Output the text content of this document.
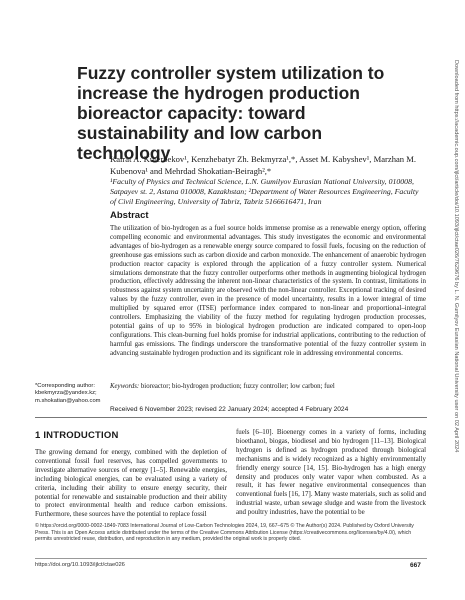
Downloaded from https://academic.oup.com/ijlct/article/doi/10.1093/ijlct/ctae026/7629676 by L. N. Gumilyov Eurasian National University user on 02 April 2024
Fuzzy controller system utilization to increase the hydrogen production bioreactor capacity: toward sustainability and low carbon technology
Kairat A. Kuterbekov¹, Kenzhebatyr Zh. Bekmyrza¹,*, Asset M. Kabyshev¹, Marzhan M. Kubenova¹ and Mehrdad Shokatian-Beiragh²,*
¹Faculty of Physics and Technical Science, L.N. Gumilyov Eurasian National University, 010008, Satpayev st. 2, Astana 010008, Kazakhstan; ²Department of Water Resources Engineering, Faculty of Civil Engineering, University of Tabriz, Tabriz 5166616471, Iran
Abstract

The utilization of bio-hydrogen as a fuel source holds immense promise as a renewable energy option, offering compelling economic and environmental advantages. This study investigates the economic and environmental advantages of bio-hydrogen as a renewable energy source compared to fossil fuels, focusing on the reduction of greenhouse gas emissions such as carbon dioxide and carbon monoxide. The enhancement of anaerobic hydrogen production reactor capacity is explored through the application of a fuzzy controller system. Numerical simulations demonstrate that the fuzzy controller outperforms other methods in augmenting biological hydrogen production, effectively addressing the inherent non-linear characteristics of the system. In contrast, limitations in robustness against system uncertainty are observed with the non-linear controller. Exceptional tracking of desired values by the fuzzy controller, even in the presence of model uncertainty, results in a lower integral of time multiplied by squared error (ITSE) performance index compared to non-linear and proportional–integral controllers. Emphasizing the viability of the fuzzy method for regulating hydrogen production processes, potential gains of up to 95% in biological hydrogen production are indicated compared to open-loop configurations. This clean-burning fuel holds promise for industrial applications, contributing to the reduction of harmful gas emissions. The findings underscore the transformative potential of the fuzzy controller system in advancing sustainable hydrogen production and its significant role in addressing environmental concerns.

Keywords: bioreactor; bio-hydrogen production; fuzzy controller; low carbon; fuel
*Corresponding author: kbekmyrza@yandex.kz; m.shokatian@yahoo.com
Received 6 November 2023; revised 22 January 2024; accepted 4 February 2024
1 INTRODUCTION

The growing demand for energy, combined with the depletion of conventional fossil fuel reserves, has compelled governments to investigate alternative sources of energy [1–5]. Renewable energies, including biological energies, can be evaluated using a variety of criteria, including their ability to ensure energy security, their potential for renewable and sustainable production and their ability to protect environmental health and reduce carbon emissions. Furthermore, these sources have the potential to replace fossil

fuels [6–10]. Bioenergy comes in a variety of forms, including bioethanol, biogas, biodiesel and bio hydrogen [11–13]. Biological hydrogen is defined as hydrogen produced through biological mechanisms and is widely recognized as a highly environmentally friendly energy source [14, 15]. Bio-hydrogen has a high energy density and produces only water vapor when combusted. As a result, it has fewer negative environmental consequences than conventional fuels [16, 17]. Many waste materials, such as solid and industrial waste, urban sewage sludge and waste from the livestock and poultry industries, have the potential to be

© https://orcid.org/0000-0002-1849-7083 International Journal of Low-Carbon Technologies 2024, 19, 667–675 © The Author(s) 2024. Published by Oxford University Press. This is an Open Access article distributed under the terms of the Creative Commons Attribution License (https://creativecommons.org/licenses/by/4.0/), which permits unrestricted reuse, distribution, and reproduction in any medium, provided the original work is properly cited.
https://doi.org/10.1093/ijlct/ctae026	667
